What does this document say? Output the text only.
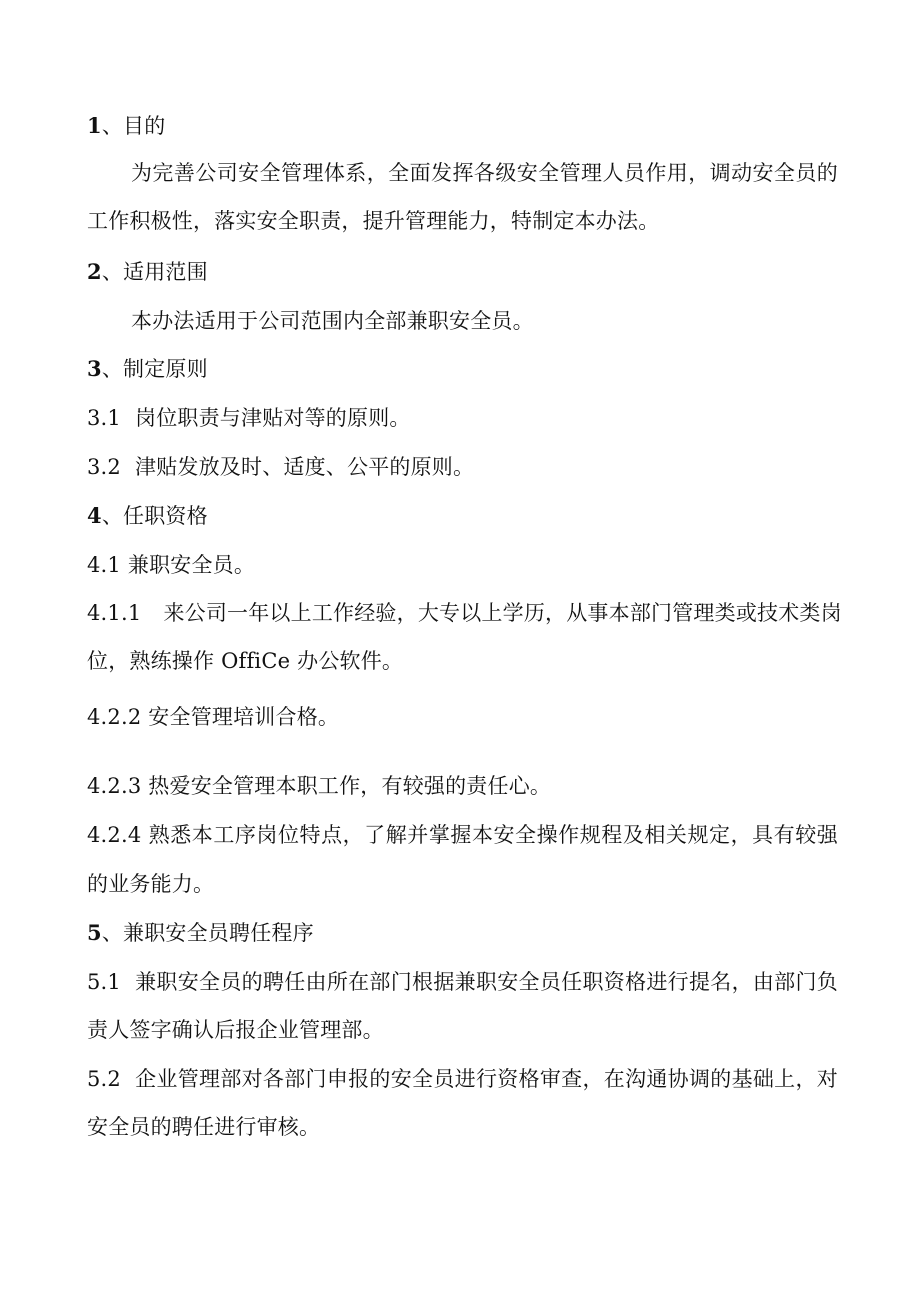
1、目的
为完善公司安全管理体系，全面发挥各级安全管理人员作用，调动安全员的
工作积极性，落实安全职责，提升管理能力，特制定本办法。
2、适用范围
本办法适用于公司范围内全部兼职安全员。
3、制定原则
3.1 岗位职责与津贴对等的原则。
3.2 津贴发放及时、适度、公平的原则。
4、任职资格
4.1 兼职安全员。
4.1.1 来公司一年以上工作经验，大专以上学历，从事本部门管理类或技术类岗
位，熟练操作 OffiCe 办公软件。
4.2.2 安全管理培训合格。
4.2.3 热爱安全管理本职工作，有较强的责任心。
4.2.4 熟悉本工序岗位特点，了解并掌握本安全操作规程及相关规定，具有较强
的业务能力。
5、兼职安全员聘任程序
5.1 兼职安全员的聘任由所在部门根据兼职安全员任职资格进行提名，由部门负
责人签字确认后报企业管理部。
5.2 企业管理部对各部门申报的安全员进行资格审查，在沟通协调的基础上，对
安全员的聘任进行审核。
